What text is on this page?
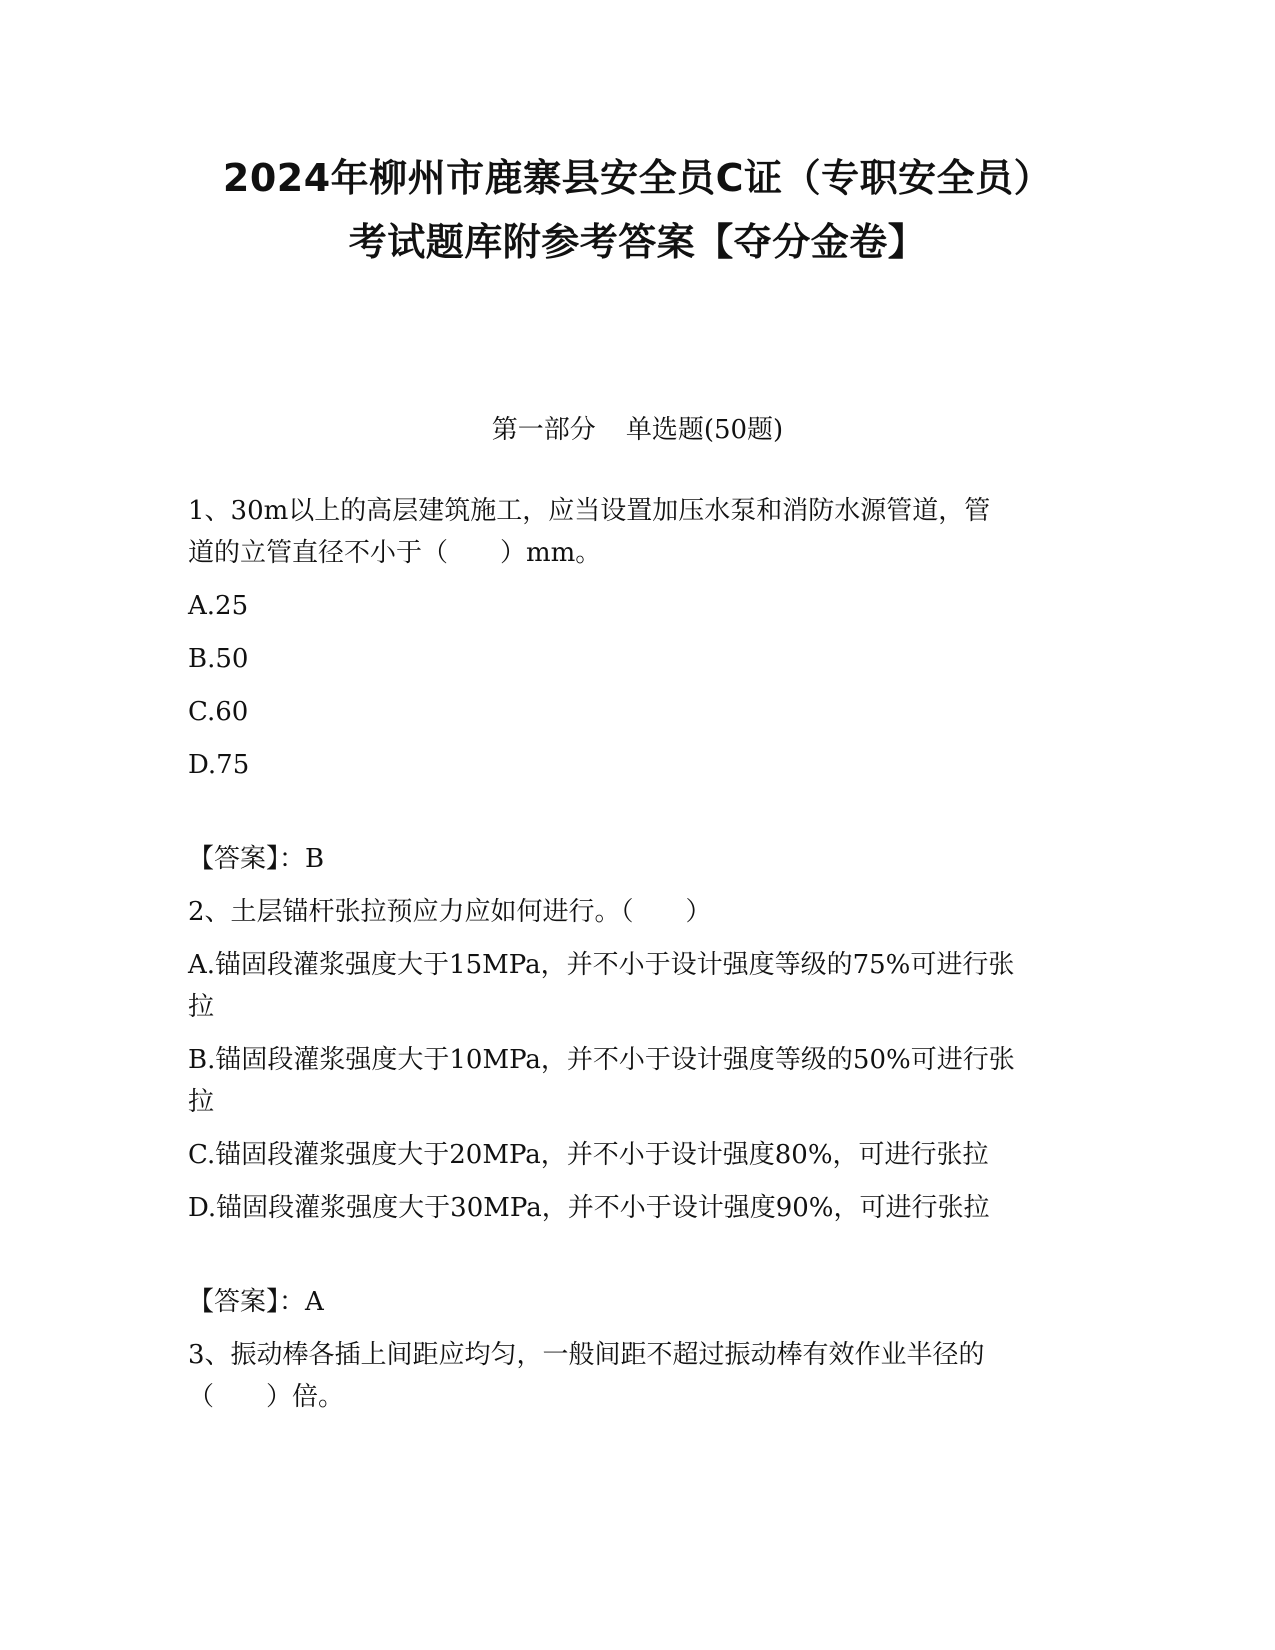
2024年柳州市鹿寨县安全员C证（专职安全员）
考试题库附参考答案【夺分金卷】
第一部分 单选题(50题)
1、30m以上的高层建筑施工，应当设置加压水泵和消防水源管道，管
道的立管直径不小于（　　）mm。
A.25
B.50
C.60
D.75
【答案】：B
2、土层锚杆张拉预应力应如何进行。（　　）
A.锚固段灌浆强度大于15MPa，并不小于设计强度等级的75%可进行张
拉
B.锚固段灌浆强度大于10MPa，并不小于设计强度等级的50%可进行张
拉
C.锚固段灌浆强度大于20MPa，并不小于设计强度80%，可进行张拉
D.锚固段灌浆强度大于30MPa，并不小于设计强度90%，可进行张拉
【答案】：A
3、振动棒各插上间距应均匀，一般间距不超过振动棒有效作业半径的
（　　）倍。
